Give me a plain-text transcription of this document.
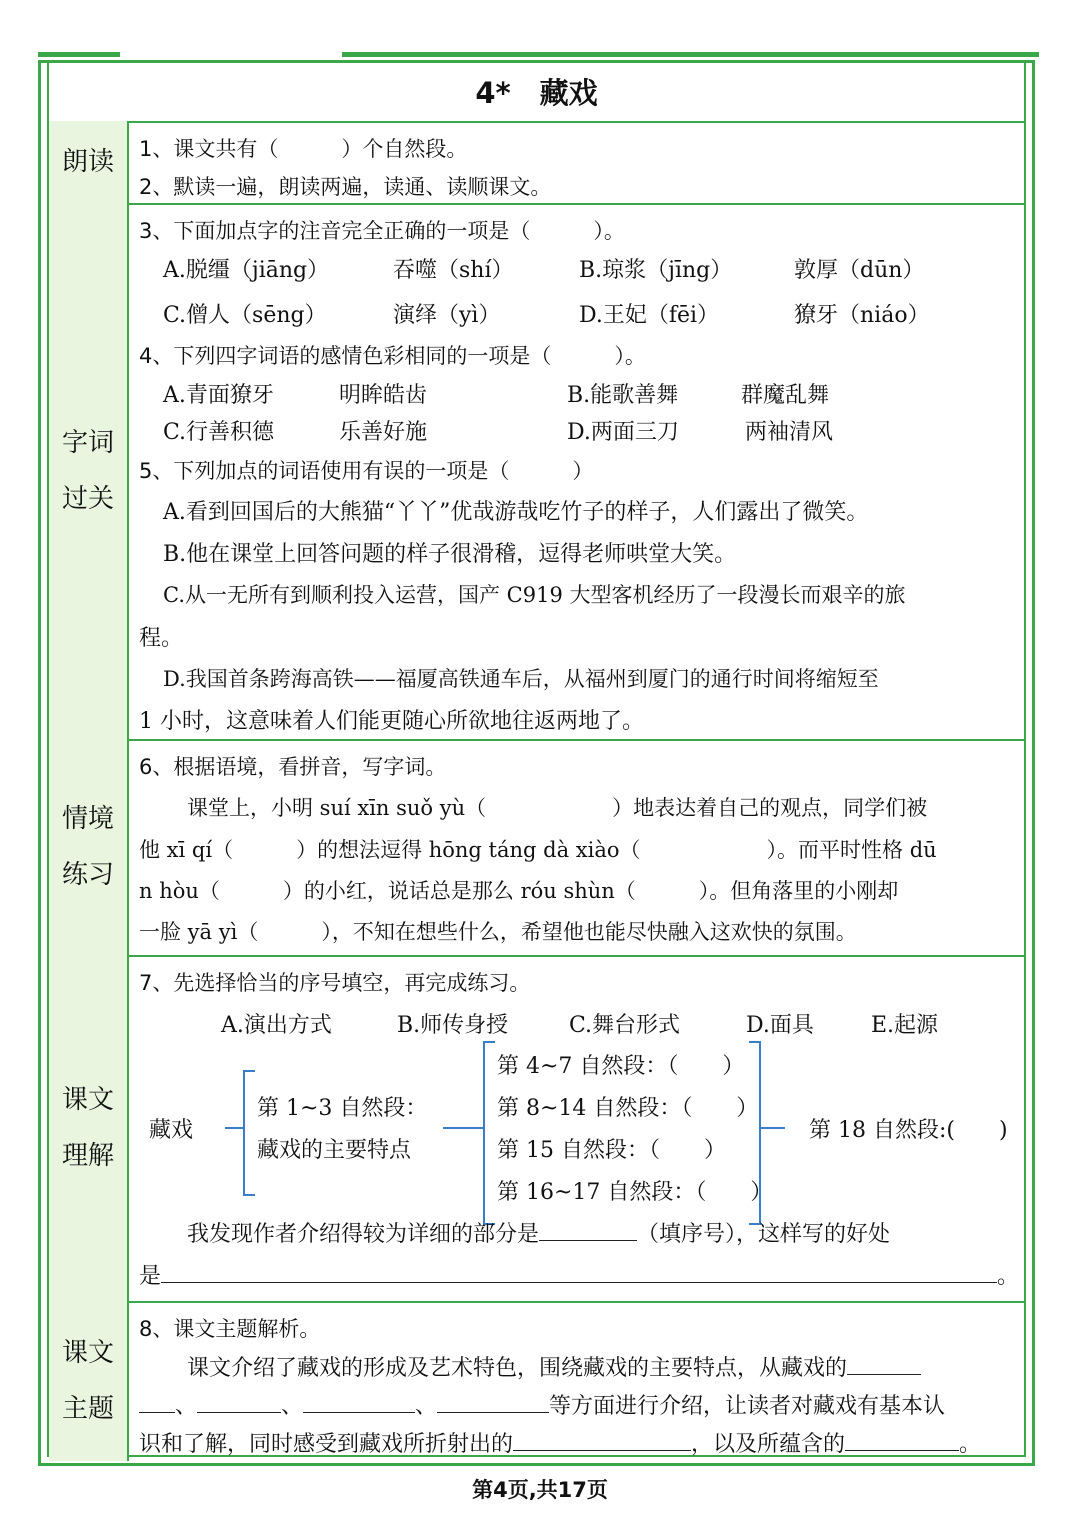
4*　藏戏
朗读 1、课文共有（　　　）个自然段。
2、默读一遍，朗读两遍，读通、读顺课文。
字词
过关
3、下面加点字的注音完全正确的一项是（　　　）。
A.脱缰（jiāng）	吞噬（shí）	B.琼浆（jīng）	敦厚（dūn）
C.僧人（sēng）	演绎（yì）	D.王妃（fēi）	獠牙（niáo）
4、下列四字词语的感情色彩相同的一项是（　　　）。
A.青面獠牙	明眸皓齿	B.能歌善舞	群魔乱舞
C.行善积德	乐善好施	D.两面三刀	两袖清风
5、下列加点的词语使用有误的一项是（　　　）
A.看到回国后的大熊猫“丫丫”优哉游哉吃竹子的样子，人们露出了微笑。
B.他在课堂上回答问题的样子很滑稽，逗得老师哄堂大笑。
C.从一无所有到顺利投入运营，国产 C919 大型客机经历了一段漫长而艰辛的旅
程。
D.我国首条跨海高铁——福厦高铁通车后，从福州到厦门的通行时间将缩短至
1 小时，这意味着人们能更随心所欲地往返两地了。
情境
练习
6、根据语境，看拼音，写字词。
课堂上，小明 suí xīn suǒ yù（　　　　　　）地表达着自己的观点，同学们被
他 xī qí（　　　）的想法逗得 hōng táng dà xiào（　　　　　　）。而平时性格 dū
n hòu（　　　）的小红，说话总是那么 róu shùn（　　　）。但角落里的小刚却
一脸 yā yì（　　　），不知在想些什么，希望他也能尽快融入这欢快的氛围。
课文
理解
7、先选择恰当的序号填空，再完成练习。
A.演出方式	B.师传身授	C.舞台形式	D.面具	E.起源
藏戏
第 1~3 自然段：
藏戏的主要特点
第 4~7 自然段：（　　）
第 8~14 自然段：（　　）
第 15 自然段：（　　）
第 16~17 自然段：（　　）
第 18 自然段:(　　)
我发现作者介绍得较为详细的部分是	（填序号），这样写的好处
是	。
课文
主题
8、课文主题解析。
课文介绍了藏戏的形成及艺术特色，围绕藏戏的主要特点，从藏戏的
、	、	、	等方面进行介绍，让读者对藏戏有基本认
识和了解，同时感受到藏戏所折射出的	，以及所蕴含的	。
第4页,共17页
